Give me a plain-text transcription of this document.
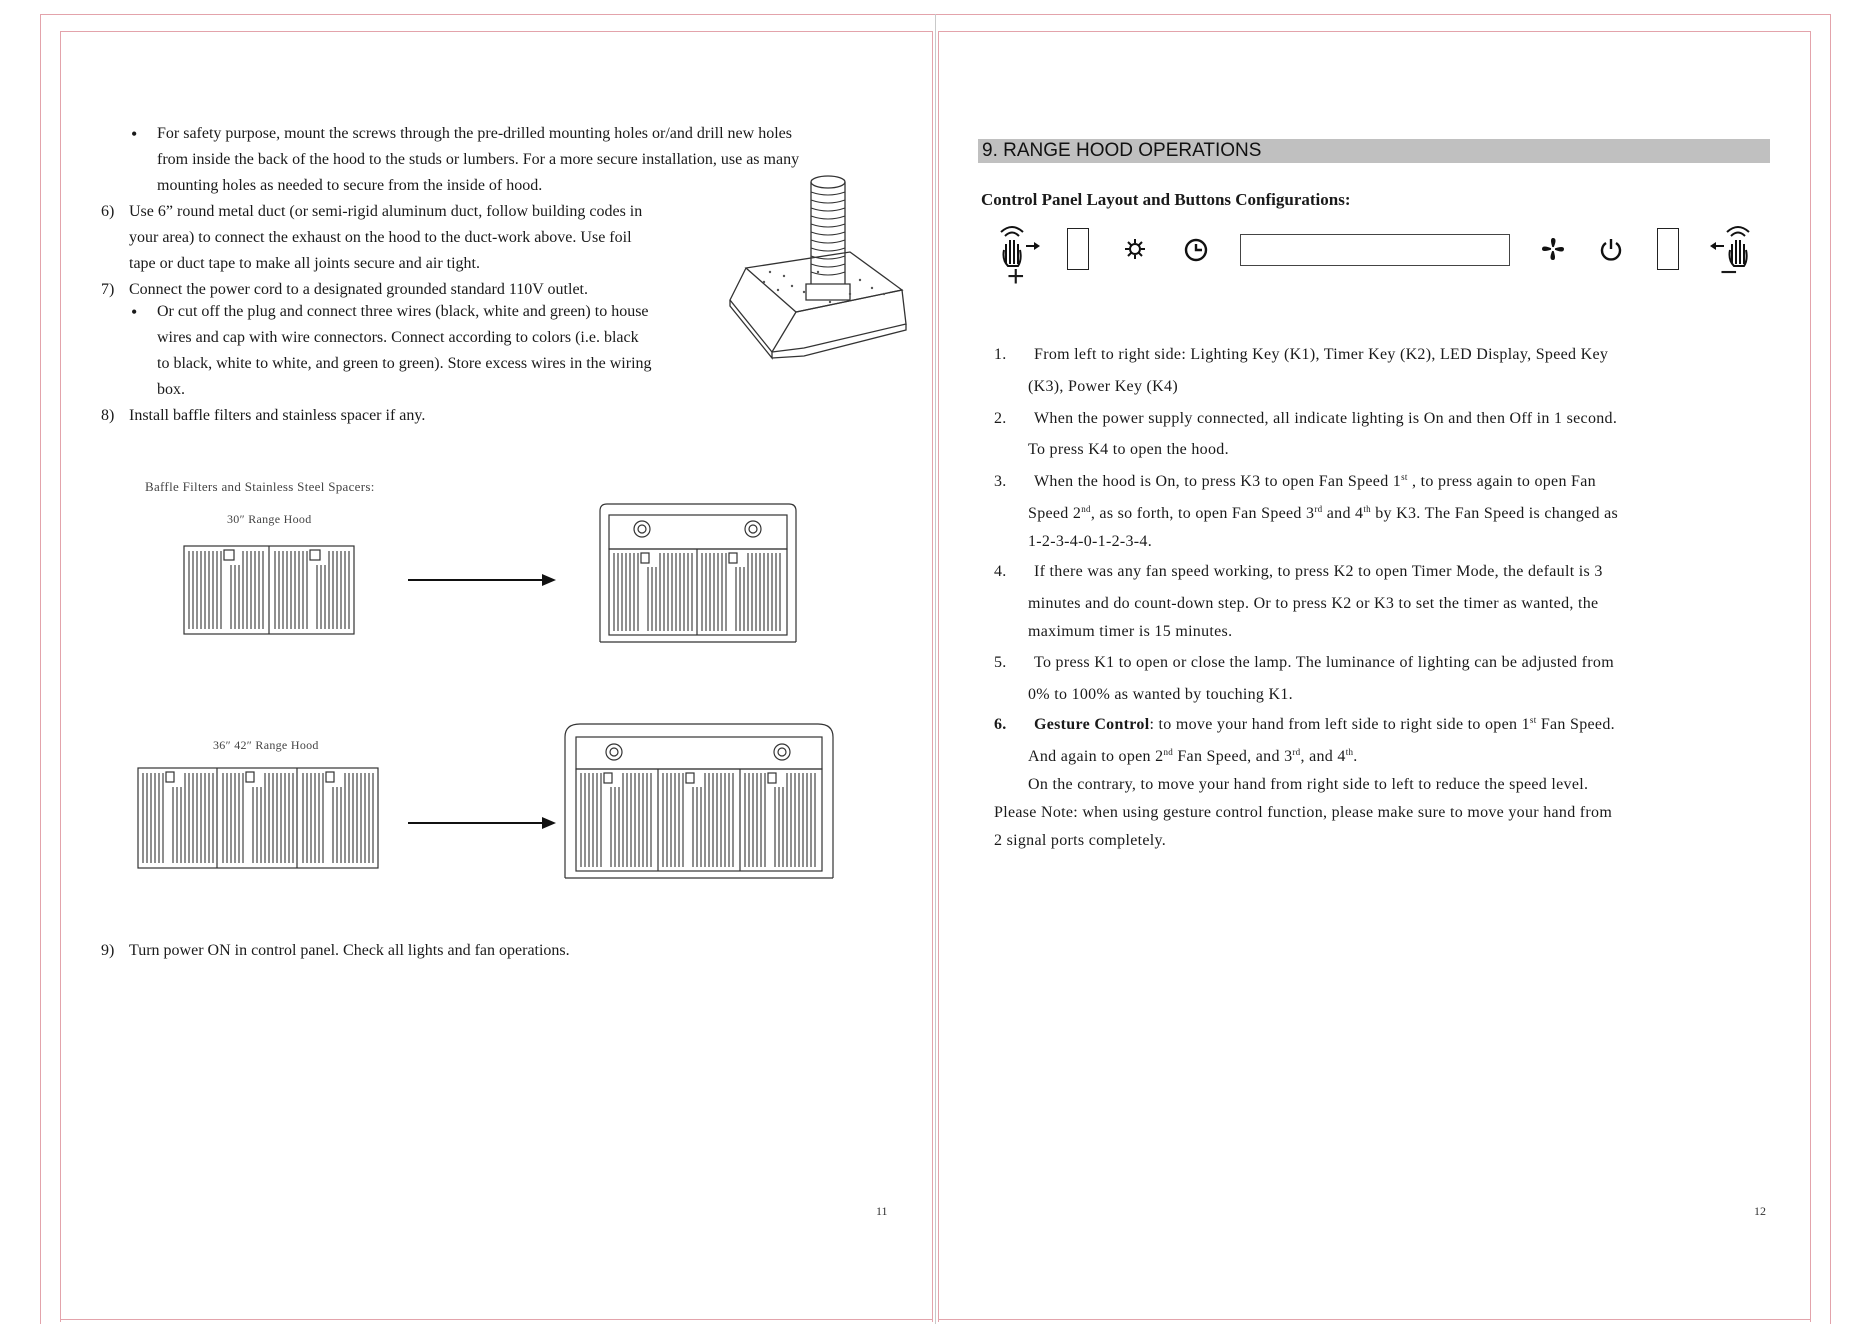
• For safety purpose, mount the screws through the pre-drilled mounting holes or/and drill new holes
from inside the back of the hood to the studs or lumbers. For a more secure installation, use as many
mounting holes as needed to secure from the inside of hood.
6) Use 6” round metal duct (or semi-rigid aluminum duct, follow building codes in
your area) to connect the exhaust on the hood to the duct-work above. Use foil
tape or duct tape to make all joints secure and air tight.
7) Connect the power cord to a designated grounded standard 110V outlet.
• Or cut off the plug and connect three wires (black, white and green) to house
wires and cap with wire connectors. Connect according to colors (i.e. black
to black, white to white, and green to green). Store excess wires in the wiring
box.
8) Install baffle filters and stainless spacer if any.
Baffle Filters and Stainless Steel Spacers:
30″ Range Hood
36″ 42″ Range Hood
9) Turn power ON in control panel. Check all lights and fan operations.
11
9. RANGE HOOD OPERATIONS
Control Panel Layout and Buttons Configurations:
+	−
1. From left to right side: Lighting Key (K1), Timer Key (K2), LED Display, Speed Key
(K3), Power Key (K4)
2. When the power supply connected, all indicate lighting is On and then Off in 1 second.
To press K4 to open the hood.
3. When the hood is On, to press K3 to open Fan Speed 1st , to press again to open Fan
Speed 2nd, as so forth, to open Fan Speed 3rd and 4th by K3. The Fan Speed is changed as
1-2-3-4-0-1-2-3-4.
4. If there was any fan speed working, to press K2 to open Timer Mode, the default is 3
minutes and do count-down step. Or to press K2 or K3 to set the timer as wanted, the
maximum timer is 15 minutes.
5. To press K1 to open or close the lamp. The luminance of lighting can be adjusted from
0% to 100% as wanted by touching K1.
6. Gesture Control: to move your hand from left side to right side to open 1st Fan Speed.
And again to open 2nd Fan Speed, and 3rd, and 4th.
On the contrary, to move your hand from right side to left to reduce the speed level.
Please Note: when using gesture control function, please make sure to move your hand from
2 signal ports completely.
12
